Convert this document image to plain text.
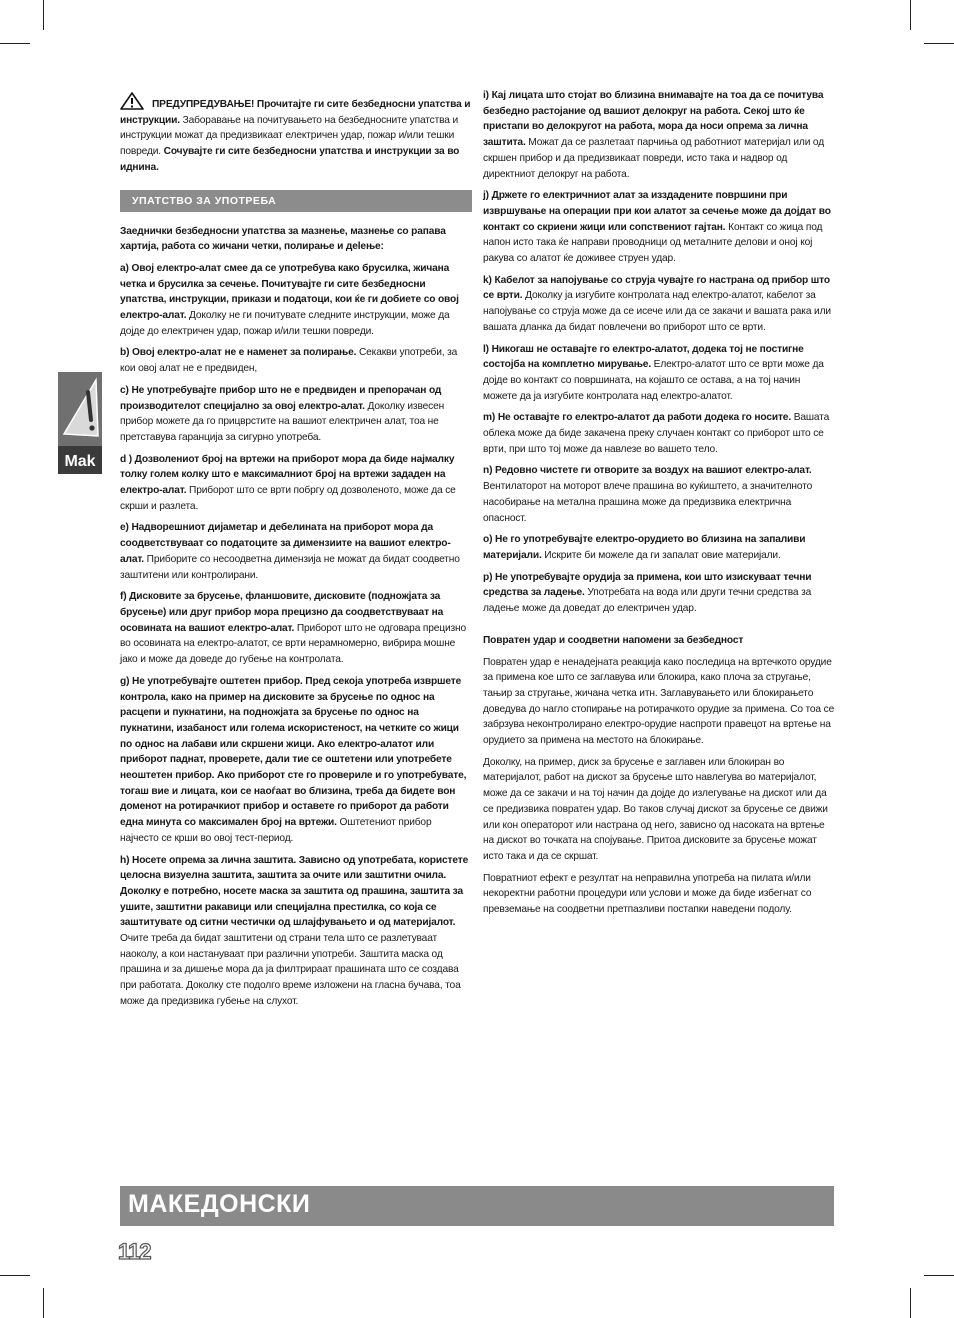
Mak

ПРЕДУПРЕДУВАЊЕ! Прочитајте ги сите безбедносни упатства и инструкции. Заборавање на почитувањето на безбедносните упатства и инструкции можат да предизвикаат електричен удар, пожар и/или тешки повреди. Сочувајте ги сите безбедносни упатства и инструкции за во иднина.

УПАТСТВО ЗА УПОТРЕБА

Заеднички безбедносни упатства за мазнење, мазнење со рапава хартија, работа со жичани четки, полирање и деleње:

a) Овој електро-алат смее да се употребува како брусилка, жичана четка и брусилка за сечење. Почитувајте ги сите безбедносни упатства, инструкции, прикази и податоци, кои ќе ги добиете со овој електро-алат. Доколку не ги почитувате следните инструкции, може да дојде до електричен удар, пожар и/или тешки повреди.

b) Овој електро-алат не е наменет за полирање. Секакви употреби, за кои овој алат не е предвиден,

c) Не употребувајте прибор што не е предвиден и препорачан од производителот специјално за овој електро-алат. Доколку извесен прибор можете да го прицврстите на вашиот електричен алат, тоа не претставува гаранција за сигурно употреба.

d ) Дозволениот број на вртежи на приборот мора да биде најмалку толку голем колку што е максималниот број на вртежи зададен на електро-алат. Приборот што се врти побргу од дозволеното, може да се скрши и разлета.

e) Надворешниот дијаметар и дебелината на приборот мора да соодветствуваат со податоците за димензиите на вашиот електро-алат. Приборите со несоодветна димензија не можат да бидат соодветно заштитени или контролирани.

f) Дисковите за брусење, фланшовите, дисковите (подножјата за брусење) или друг прибор мора прецизно да соодветствуваат на осовината на вашиот електро-алат. Приборот што не одговара прецизно во осовината на електро-алатот, се врти нерамномерно, вибрира мошне јако и може да доведе до губење на контролата.

g) Не употребувајте оштетен прибор. Пред секоја употреба извршете контрола, како на пример на дисковите за брусење по однос на расцепи и пукнатини, на подножјата за брусење по однос на пукнатини, изабаност или голема искористеност, на четките со жици по однос на лабави или скршени жици. Ако електро-алатот или приборот паднат, проверете, дали тие се оштетени или употребете неоштетен прибор. Ако приборот сте го провериле и го употребувате, тогаш вие и лицата, кои се наоѓаат во близина, треба да бидете вон доменот на ротирачкиот прибор и оставете го приборот да работи една минута со максимален број на вртежи. Оштетениот прибор најчесто се крши во овој тест-период.

h) Носете опрема за лична заштита. Зависно од употребата, користете целосна визуелна заштита, заштита за очите или заштитни очила. Доколку е потребно, носете маска за заштита од прашина, заштита за ушите, заштитни ракавици или специјална престилка, со која се заштитувате од ситни честички од шлајфувањето и од материјалот. Очите треба да бидат заштитени од страни тела што се разлетуваат наоколу, а кои настануваат при различни употреби. Заштита маска од прашина и за дишење мора да ја филтрираат прашината што се создава при работата. Доколку сте подолго време изложени на гласна бучава, тоа може да предизвика губење на слухот.

i) Кај лицата што стојат во близина внимавајте на тоа да се почитува безбедно растојание од вашиот делокруг на работа. Секој што ќе пристапи во делокругот на работа, мора да носи опрема за лична заштита. Можат да се разлетаат парчиња од работниот материјал или од скршен прибор и да предизвикаат повреди, исто така и надвор од директниот делокруг на работа.

j) Држете го електричниот алат за изздадените површини при извршување на операции при кои алатот за сечење може да дојдат во контакт со скриени жици или сопствениот гајтан. Контакт со жица под напон исто така ќе направи проводници од металните делови и оној кој ракува со алатот ќе доживее струен удар.

k) Кабелот за напојување со струја чувајте го настрана од прибор што се врти. Доколку ја изгубите контролата над електро-алатот, кабелот за напојување со струја може да се исече или да се закачи и вашата рака или вашата дланка да бидат повлечени во приборот што се врти.

l) Никогаш не оставајте го електро-алатот, додека тој не постигне состојба на комплетно мирување. Електро-алатот што се врти може да дојде во контакт со површината, на којашто се оставa, а на тој начин можете да ја изгубите контролата над електро-алатот.

m) Не оставајте го електро-алатот да работи додека го носите. Вашата облека може да биде закачена преку случаен контакт со приборот што се врти, при што тој може да навлезе во вашето тело.

n) Редовно чистете ги отворите за воздух на вашиот електро-алат. Вентилаторот на моторот влече прашина во куќиштето, а значителното насобирање на метална прашина може да предизвика електрична опасност.

o) Не го употребувајте електро-орудието во близина на запаливи материјали. Искрите би можеле да ги запалат овие материјали.

p) Не употребувајте орудија за примена, кои што изискуваат течни средства за ладење. Употребата на вода или други течни средства за ладење може да доведат до електричен удар.

Повратен удар и соодветни напомени за безбедност

Повратен удар е ненадејната реакција како последица на вртечкото орудие за примена кое што се заглавува или блокира, како плоча за стругање, тањир за стругање, жичана четка итн. Заглавувањето или блокирањето доведува до нагло стопирање на ротирачкото орудие за примена. Со тоа се забрзува неконтролирано електро-орудие наспроти правецот на вртење на орудието за примена на местото на блокирање.

Доколку, на пример, диск за брусење е заглавен или блокиран во материјалот, работ на дискот за брусење што навлегува во материјалот, може да се закачи и на тој начин да дојде до излегување на дискот или да се предизвика повратен удар. Во таков случај дискот за брусење се движи или кон операторот или настрана од него, зависно од насоката на вртење на дискот во точката на спојување. Притоа дисковите за брусење можат исто така и да се скршат.

Повратниот ефект е резултат на неправилна употреба на пилата и/или некоректни работни процедури или услови и може да биде избегнат со превземање на соодветни претпазливи постапки наведени подолу.

МАКЕДОНСКИ
112
